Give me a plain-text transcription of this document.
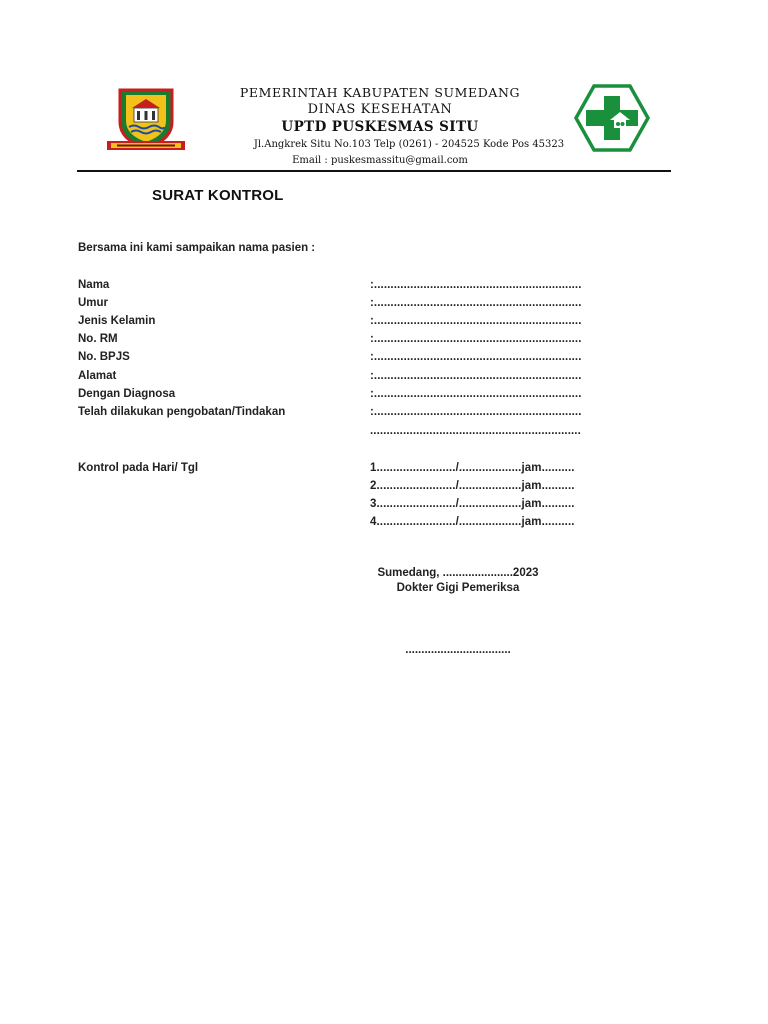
PEMERINTAH KABUPATEN SUMEDANG
DINAS KESEHATAN
UPTD PUSKESMAS SITU
Jl.Angkrek Situ No.103 Telp (0261) - 204525 Kode Pos 45323
Email : puskesmassitu@gmail.com
SURAT KONTROL
Bersama ini kami sampaikan nama pasien :
Nama	:...............................................................
Umur	:...............................................................
Jenis Kelamin	:...............................................................
No. RM	:...............................................................
No. BPJS	:...............................................................
Alamat	:...............................................................
Dengan Diagnosa	:...............................................................
Telah dilakukan pengobatan/Tindakan	:...............................................................
................................................................
Kontrol pada Hari/ Tgl	1......................../...................jam..........
2......................../...................jam..........
3......................../...................jam..........
4......................../...................jam..........
Sumedang, ......................2023
Dokter Gigi Pemeriksa
.................................
